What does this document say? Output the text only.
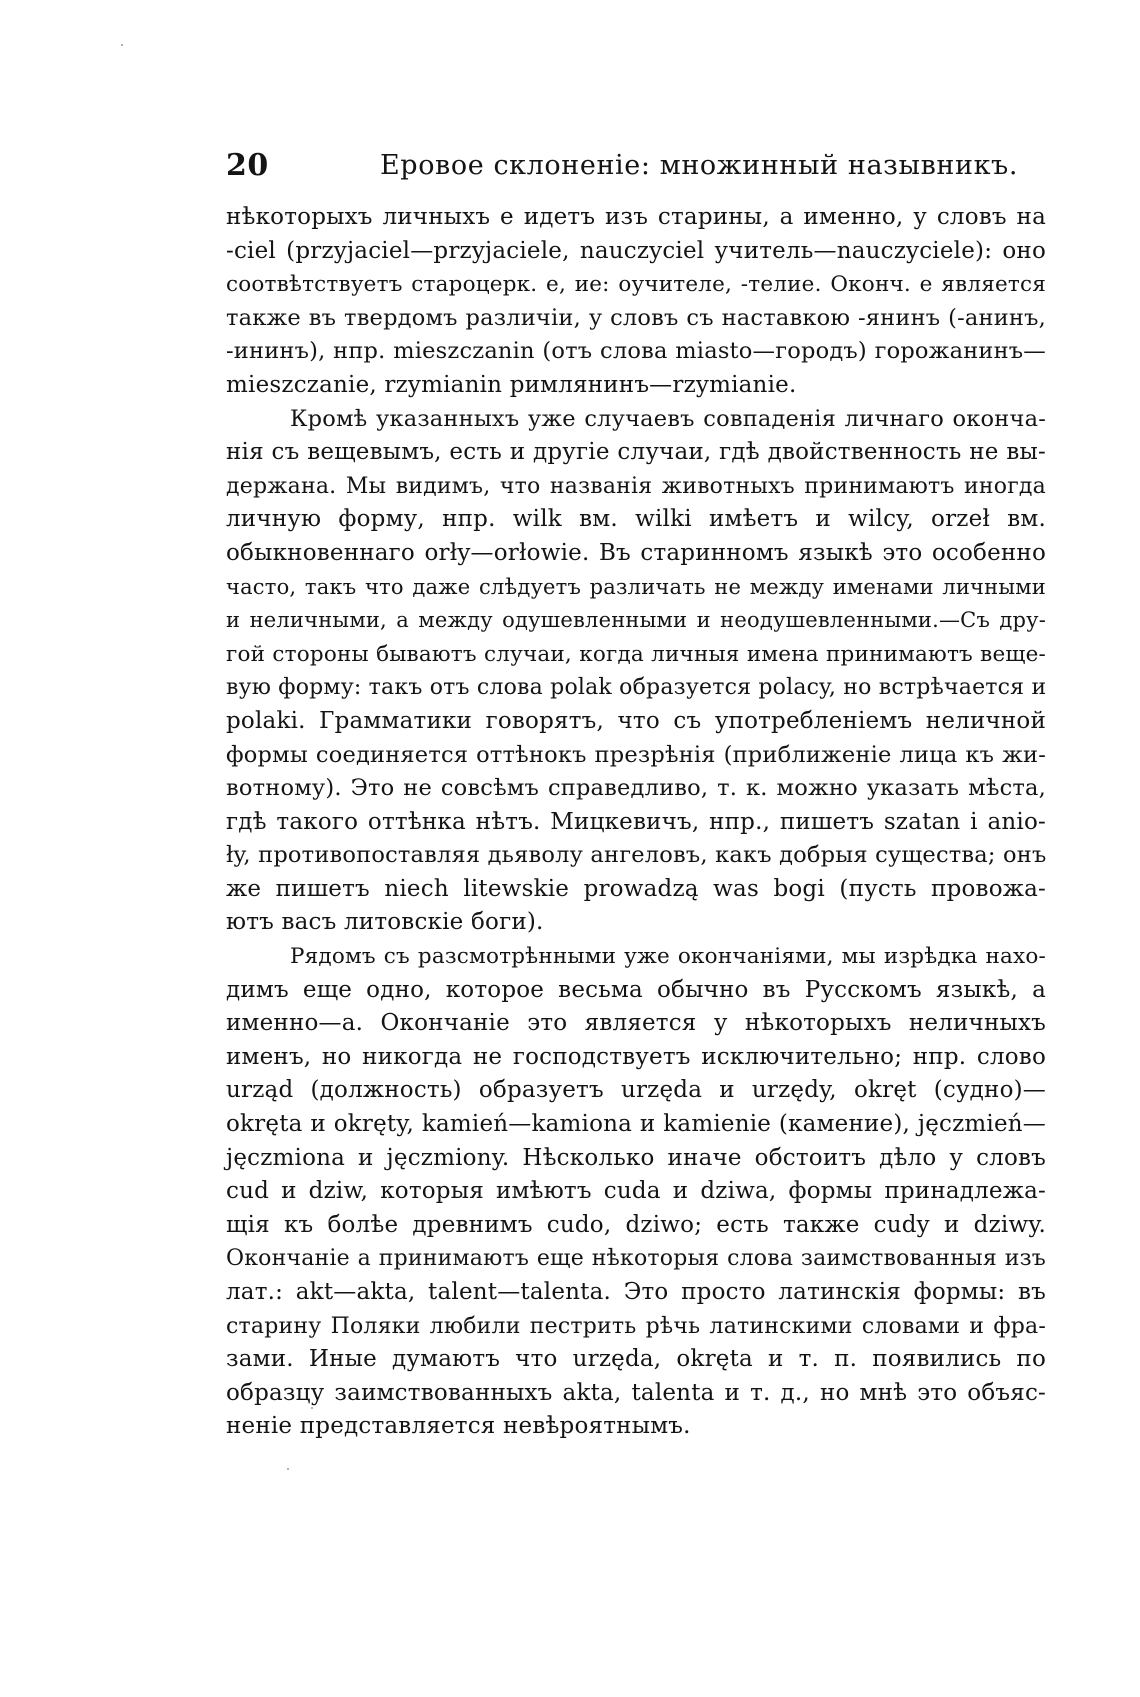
20	Еровое склоненіе: множинный назывникъ.
нѣкоторыхъ личныхъ e идетъ изъ старины, а именно, у словъ на
-ciel (przyjaciel—przyjaciele, nauczyciel учитель—nauczyciele): оно
соотвѣтствуетъ староцерк. е, ие: оучителе, -телие. Оконч. e является
также въ твердомъ различіи, у словъ съ наставкою -янинъ (-анинъ,
-ининъ), нпр. mieszczanin (отъ слова miasto—городъ) горожанинъ—
mieszczanie, rzymianin римлянинъ—rzymianie.
Кромѣ указанныхъ уже случаевъ совпаденія личнаго оконча-
нія съ вещевымъ, есть и другіе случаи, гдѣ двойственность не вы-
держана. Мы видимъ, что названія животныхъ принимаютъ иногда
личную форму, нпр. wilk вм. wilki имѣетъ и wilcy, orzeł вм.
обыкновеннаго orły—orłowie. Въ старинномъ языкѣ это особенно
часто, такъ что даже слѣдуетъ различать не между именами личными
и неличными, а между одушевленными и неодушевленными.—Съ дру-
гой стороны бываютъ случаи, когда личныя имена принимаютъ веще-
вую форму: такъ отъ слова polak образуется polacy, но встрѣчается и
polaki. Грамматики говорятъ, что съ употребленіемъ неличной
формы соединяется оттѣнокъ презрѣнія (приближеніе лица къ жи-
вотному). Это не совсѣмъ справедливо, т. к. можно указать мѣста,
гдѣ такого оттѣнка нѣтъ. Мицкевичъ, нпр., пишетъ szatan i anio-
ły, противопоставляя дьяволу ангеловъ, какъ добрыя существа; онъ
же пишетъ niech litewskie prowadzą was bogi (пусть провожа-
ютъ васъ литовскіе боги).
Рядомъ съ разсмотрѣнными уже окончаніями, мы изрѣдка нахо-
димъ еще одно, которое весьма обычно въ Русскомъ языкѣ, а
именно—a. Окончаніе это является у нѣкоторыхъ неличныхъ
именъ, но никогда не господствуетъ исключительно; нпр. слово
urząd (должность) образуетъ urzęda и urzędy, okręt (судно)—
okręta и okręty, kamień—kamiona и kamienie (камение), jęczmień—
jęczmiona и jęczmiony. Нѣсколько иначе обстоитъ дѣло у словъ
cud и dziw, которыя имѣютъ cuda и dziwa, формы принадлежа-
щія къ болѣе древнимъ cudo, dziwo; есть также cudy и dziwy.
Окончаніе a принимаютъ еще нѣкоторыя слова заимствованныя изъ
лат.: akt—akta, talent—talenta. Это просто латинскія формы: въ
старину Поляки любили пестрить рѣчь латинскими словами и фра-
зами. Иные думаютъ что urzęda, okręta и т. п. появились по
образцу заимствованныхъ akta, talenta и т. д., но мнѣ это объяс-
неніе представляется невѣроятнымъ.
